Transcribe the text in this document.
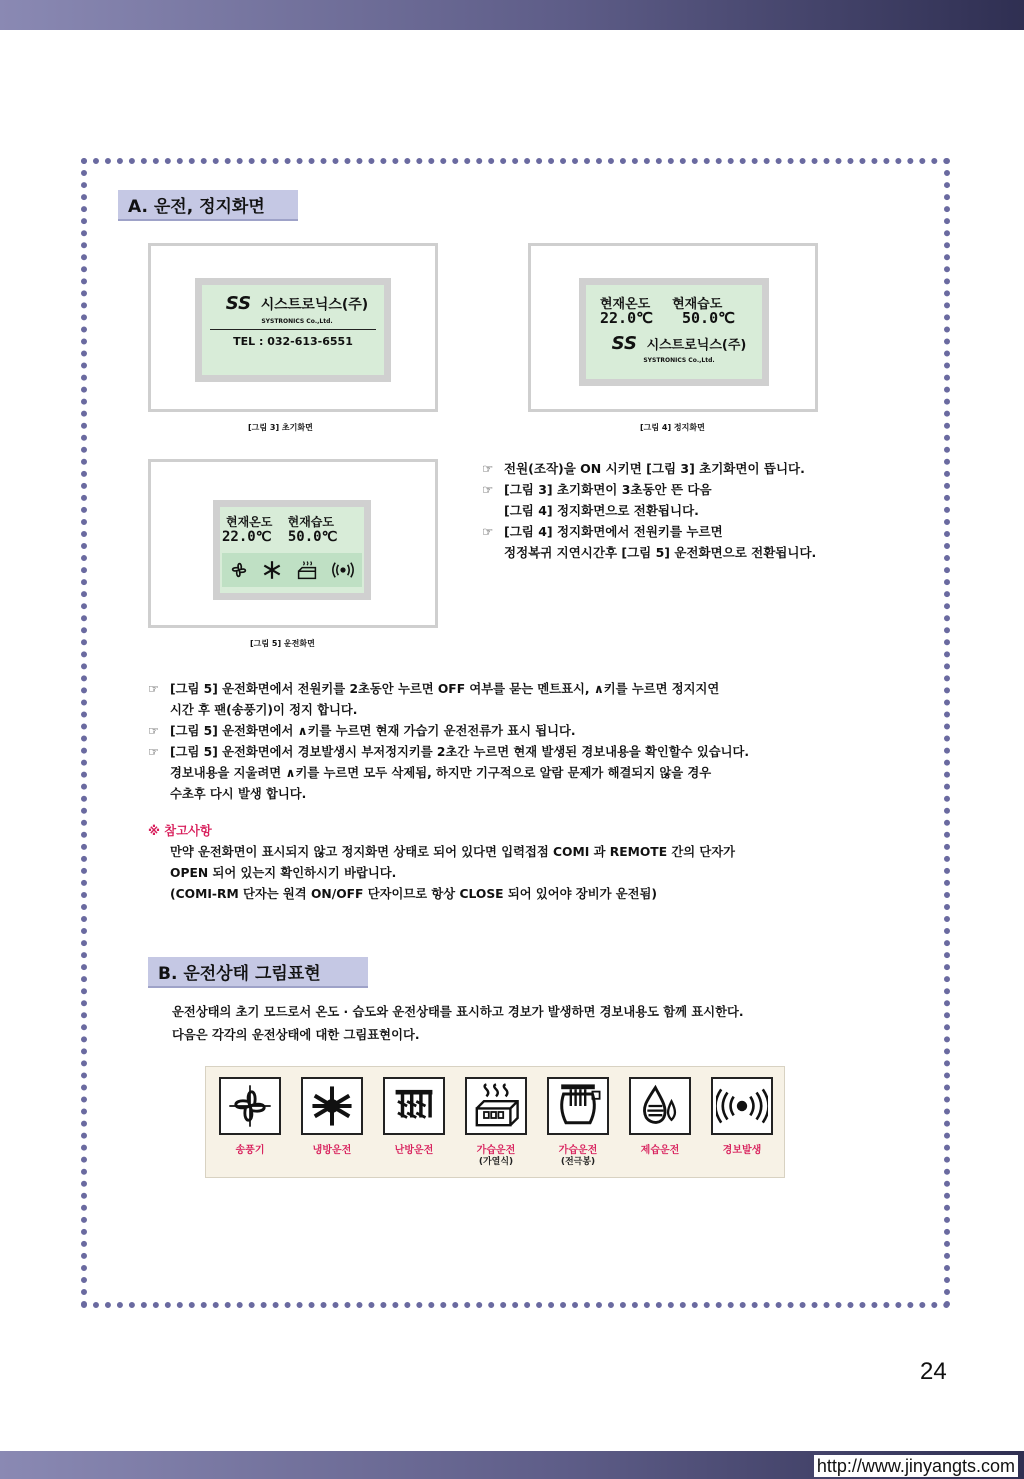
A. 운전, 정지화면
SS 시스트로닉스(주)
SYSTRONICS Co.,Ltd.
TEL : 032-613-6551
[그림 3] 초기화면
현재온도 현재습도
22.0℃ 50.0℃
SS 시스트로닉스(주)
SYSTRONICS Co.,Ltd.
[그림 4] 정지화면
현재온도 현재습도
22.0℃ 50.0℃
[그림 5] 운전화면
☞ 전원(조작)을 ON 시키면 [그림 3] 초기화면이 뜹니다.
☞ [그림 3] 초기화면이 3초동안 뜬 다음
[그림 4] 정지화면으로 전환됩니다.
☞ [그림 4] 정지화면에서 전원키를 누르면
정정복귀 지연시간후 [그림 5] 운전화면으로 전환됩니다.
☞ [그림 5] 운전화면에서 전원키를 2초동안 누르면 OFF 여부를 묻는 멘트표시, ∧키를 누르면 정지지연
시간 후 팬(송풍기)이 정지 합니다.
☞ [그림 5] 운전화면에서 ∧키를 누르면 현재 가습기 운전전류가 표시 됩니다.
☞ [그림 5] 운전화면에서 경보발생시 부저정지키를 2초간 누르면 현재 발생된 경보내용을 확인할수 있습니다.
경보내용을 지울려면 ∧키를 누르면 모두 삭제됨, 하지만 기구적으로 알람 문제가 해결되지 않을 경우
수초후 다시 발생 합니다.
※ 참고사항
만약 운전화면이 표시되지 않고 정지화면 상태로 되어 있다면 입력접점 COMI 과 REMOTE 간의 단자가
OPEN 되어 있는지 확인하시기 바랍니다.
(COMI-RM 단자는 원격 ON/OFF 단자이므로 항상 CLOSE 되어 있어야 장비가 운전됨)
B. 운전상태 그림표현
운전상태의 초기 모드로서 온도 · 습도와 운전상태를 표시하고 경보가 발생하면 경보내용도 함께 표시한다.
다음은 각각의 운전상태에 대한 그림표현이다.
송풍기	냉방운전	난방운전	가습운전
(가열식)
가습운전
(전극봉)
제습운전	경보발생
24
http://www.jinyangts.com
